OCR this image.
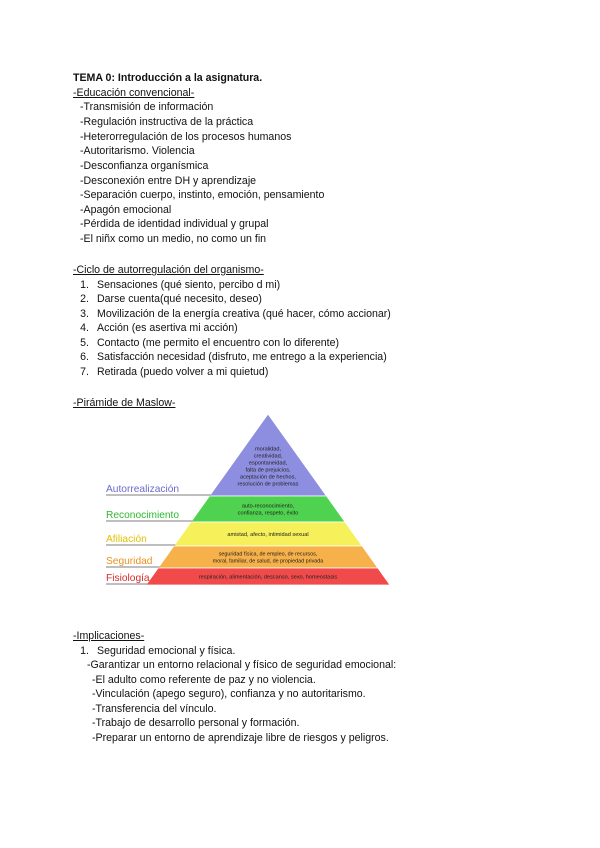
TEMA 0: Introducción a la asignatura.
-Educación convencional-
-Transmisión de información
-Regulación instructiva de la práctica
-Heterorregulación de los procesos humanos
-Autoritarismo. Violencia
-Desconfianza organísmica
-Desconexión entre DH y aprendizaje
-Separación cuerpo, instinto, emoción, pensamiento
-Apagón emocional
-Pérdida de identidad individual y grupal
-El niñx como un medio, no como un fin
-Ciclo de autorregulación del organismo-
1. Sensaciones (qué siento, percibo d mi)
2. Darse cuenta(qué necesito, deseo)
3. Movilización de la energía creativa (qué hacer, cómo accionar)
4. Acción (es asertiva mi acción)
5. Contacto (me permito el encuentro con lo diferente)
6. Satisfacción necesidad (disfruto, me entrego a la experiencia)
7. Retirada (puedo volver a mi quietud)
-Pirámide de Maslow-
moralidad,
creatividad,
espontaneidad,
falta de prejuicios,
aceptación de hechos,
resolución de problemas
auto-reconocimiento,
confianza, respeto, éxito
amistad, afecto, intimidad sexual
seguridad física, de empleo, de recursos,
moral, familiar, de salud, de propiedad privada
respiración, alimentación, descanso, sexo, homeostasis
Autorrealización
Reconocimiento
Afiliación
Seguridad
Fisiología
-Implicaciones-
1. Seguridad emocional y física.
-Garantizar un entorno relacional y físico de seguridad emocional:
-El adulto como referente de paz y no violencia.
-Vinculación (apego seguro), confianza y no autoritarismo.
-Transferencia del vínculo.
-Trabajo de desarrollo personal y formación.
-Preparar un entorno de aprendizaje libre de riesgos y peligros.
